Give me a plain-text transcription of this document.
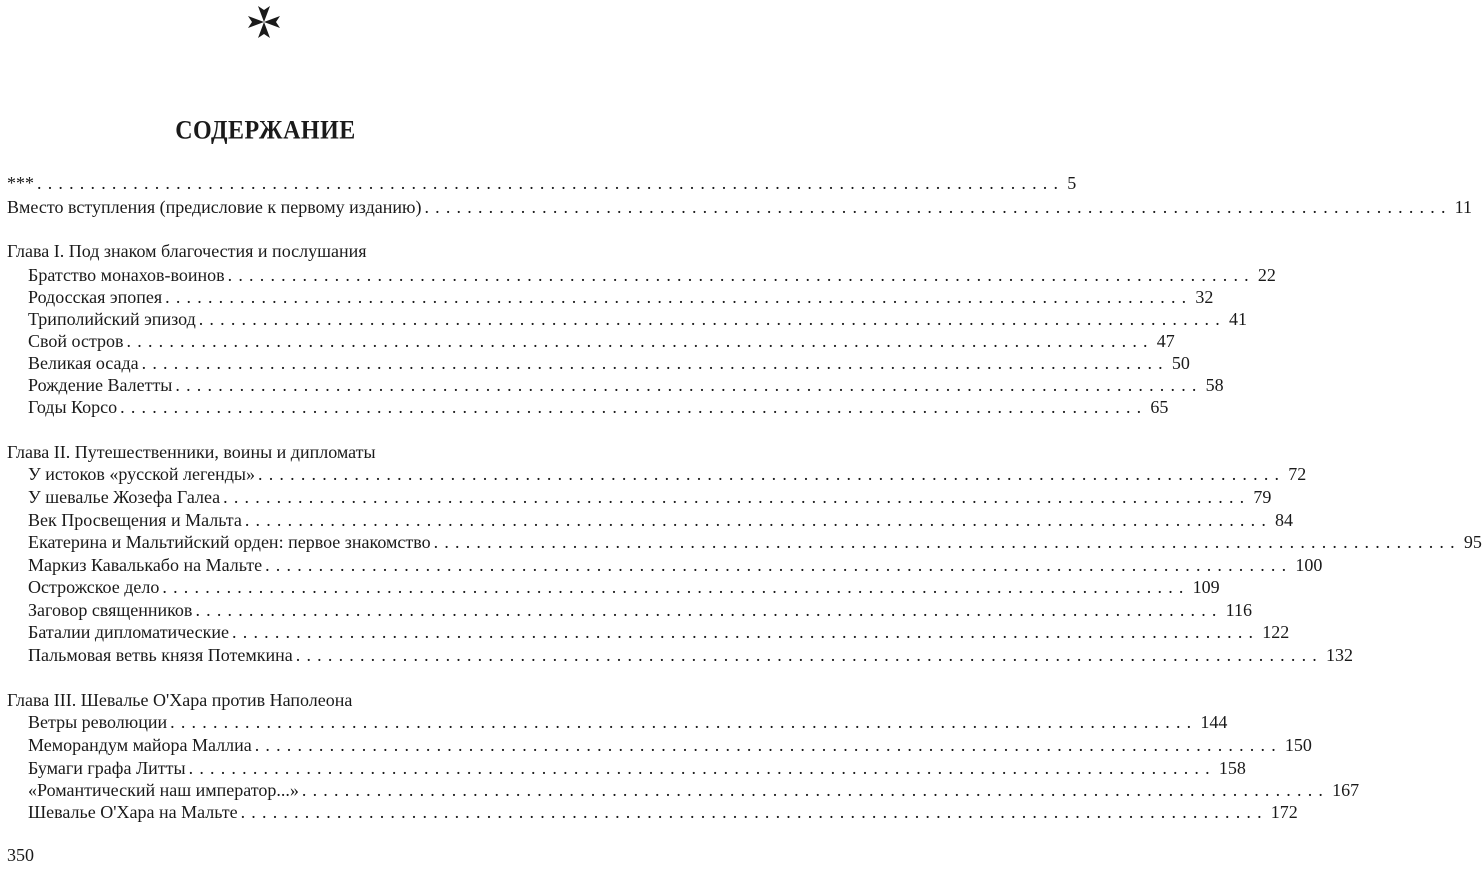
СОДЕРЖАНИЕ
*** ................................................................................................ 5
Вместо вступления (предисловие к первому изданию) ................................................................................................ 11
Глава I. Под знаком благочестия и послушания
Братство монахов-воинов ................................................................................................ 22
Родосская эпопея ................................................................................................ 32
Триполийский эпизод ................................................................................................ 41
Свой остров ................................................................................................ 47
Великая осада ................................................................................................ 50
Рождение Валетты ................................................................................................ 58
Годы Корсо ................................................................................................ 65
Глава II. Путешественники, воины и дипломаты
У истоков «русской легенды» ................................................................................................ 72
У шевалье Жозефа Галеа ................................................................................................ 79
Век Просвещения и Мальта ................................................................................................ 84
Екатерина и Мальтийский орден: первое знакомство ................................................................................................ 95
Маркиз Кавалькабо на Мальте ................................................................................................ 100
Острожское дело ................................................................................................ 109
Заговор священников ................................................................................................ 116
Баталии дипломатические ................................................................................................ 122
Пальмовая ветвь князя Потемкина ................................................................................................ 132
Глава III. Шевалье О'Хара против Наполеона
Ветры революции ................................................................................................ 144
Меморандум майора Маллиа ................................................................................................ 150
Бумаги графа Литты ................................................................................................ 158
«Романтический наш император...» ................................................................................................ 167
Шевалье О'Хара на Мальте ................................................................................................ 172
350
